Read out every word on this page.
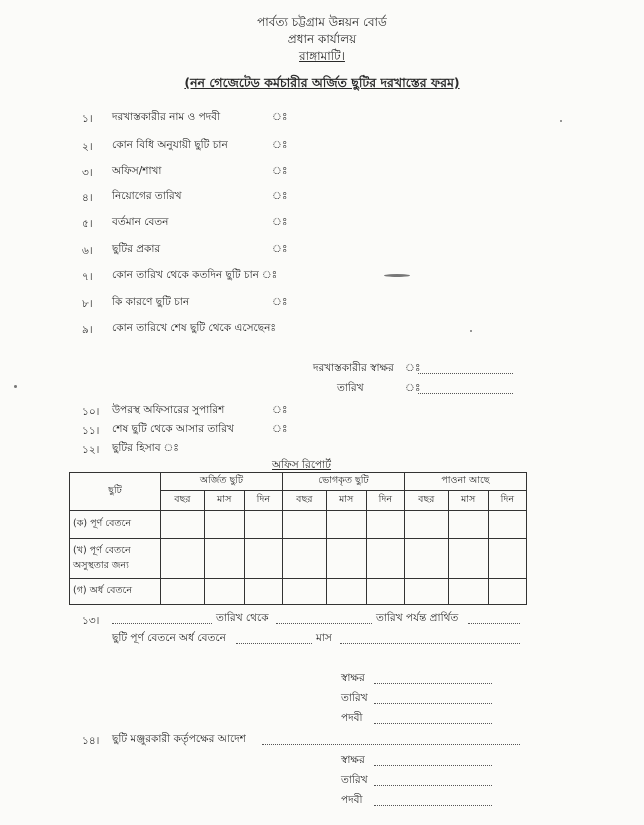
পার্বত্য চট্টগ্রাম উন্নয়ন বোর্ড
প্রধান কার্যালয়
রাঙ্গামাটি।
(নন গেজেটেড কর্মচারীর অর্জিত ছুটির দরখাস্তের ফরম)
১। দরখাস্তকারীর নাম ও পদবী	ঃ
২। কোন বিধি অনুযায়ী ছুটি চান	ঃ
৩। অফিস/শাখা	ঃ
৪। নিয়োগের তারিখ	ঃ
৫। বর্তমান বেতন	ঃ
৬। ছুটির প্রকার	ঃ
৭। কোন তারিখ থেকে কতদিন ছুটি চান ঃ
৮। কি কারণে ছুটি চান	ঃ
৯। কোন তারিখে শেষ ছুটি থেকে এসেছেনঃ
দরখাস্তকারীর স্বাক্ষর ঃ
তারিখ	ঃ
১০। উপরস্থ অফিসারের সুপারিশ	ঃ
১১। শেষ ছুটি থেকে আসার তারিখ	ঃ
১২। ছুটির হিসাব ঃ
অফিস রিপোর্ট
ছুটি	অর্জিত ছুটি			ভোগকৃত ছুটি			পাওনা আছে		
	বছর	মাস	দিন	বছর	মাস	দিন	বছর	মাস	দিন
(ক) পূর্ণ বেতনে									
(খ) পূর্ণ বেতনে অসুস্থতার জন্য									
(গ) অর্ধ বেতনে									
১৩।	তারিখ থেকে	তারিখ পর্যন্ত প্রার্থিত
ছুটি পূর্ণ বেতনে অর্ধ বেতনে	মাস
স্বাক্ষর
তারিখ
পদবী
১৪। ছুটি মঞ্জুরকারী কর্তৃপক্ষের আদেশ
স্বাক্ষর
তারিখ
পদবী
